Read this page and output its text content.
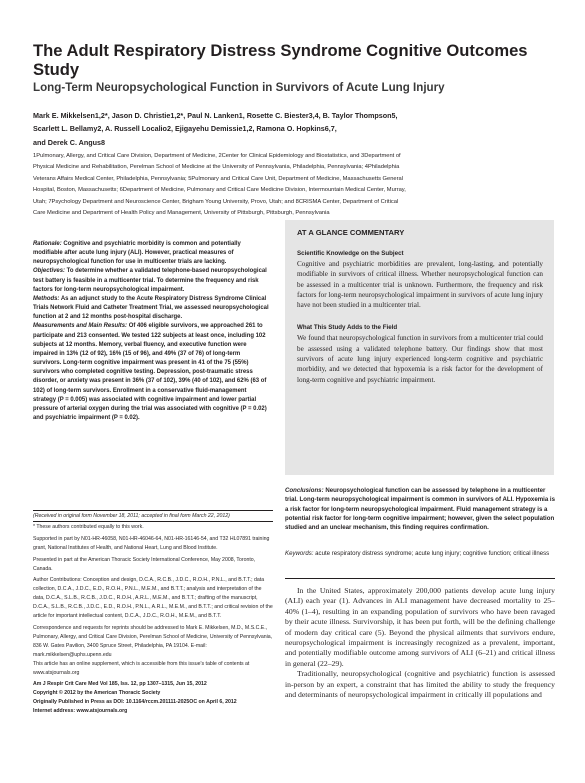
The Adult Respiratory Distress Syndrome Cognitive Outcomes Study
Long-Term Neuropsychological Function in Survivors of Acute Lung Injury
Mark E. Mikkelsen1,2*, Jason D. Christie1,2*, Paul N. Lanken1, Rosette C. Biester3,4, B. Taylor Thompson5,
Scarlett L. Bellamy2, A. Russell Localio2, Ejigayehu Demissie1,2, Ramona O. Hopkins6,7,
and Derek C. Angus8
1Pulmonary, Allergy, and Critical Care Division, Department of Medicine, 2Center for Clinical Epidemiology and Biostatistics, and 3Department of
Physical Medicine and Rehabilitation, Perelman School of Medicine at the University of Pennsylvania, Philadelphia, Pennsylvania; 4Philadelphia
Veterans Affairs Medical Center, Philadelphia, Pennsylvania; 5Pulmonary and Critical Care Unit, Department of Medicine, Massachusetts General
Hospital, Boston, Massachusetts; 6Department of Medicine, Pulmonary and Critical Care Medicine Division, Intermountain Medical Center, Murray,
Utah; 7Psychology Department and Neuroscience Center, Brigham Young University, Provo, Utah; and 8CRISMA Center, Department of Critical
Care Medicine and Department of Health Policy and Management, University of Pittsburgh, Pittsburgh, Pennsylvania

Rationale: Cognitive and psychiatric morbidity is common and potentially modifiable after acute lung injury (ALI). However, practical measures of neuropsychological function for use in multicenter trials are lacking.

Objectives: To determine whether a validated telephone-based neuropsychological test battery is feasible in a multicenter trial. To determine the frequency and risk factors for long-term neuropsychological impairment.

Methods: As an adjunct study to the Acute Respiratory Distress Syndrome Clinical Trials Network Fluid and Catheter Treatment Trial, we assessed neuropsychological function at 2 and 12 months post-hospital discharge.

Measurements and Main Results: Of 406 eligible survivors, we approached 261 to participate and 213 consented. We tested 122 subjects at least once, including 102 subjects at 12 months. Memory, verbal fluency, and executive function were impaired in 13% (12 of 92), 16% (15 of 96), and 49% (37 of 76) of long-term survivors. Long-term cognitive impairment was present in 41 of the 75 (55%) survivors who completed cognitive testing. Depression, post-traumatic stress disorder, or anxiety was present in 36% (37 of 102), 39% (40 of 102), and 62% (63 of 102) of long-term survivors. Enrollment in a conservative fluid-management strategy (P = 0.005) was associated with cognitive impairment and lower partial pressure of arterial oxygen during the trial was associated with cognitive (P = 0.02) and psychiatric impairment (P = 0.02).

(Received in original form November 18, 2011; accepted in final form March 22, 2012)

* These authors contributed equally to this work.

Supported in part by N01-HR-46058, N01-HR-46046-64, N01-HR-16146-54, and T32 HL07891 training grant, National Institutes of Health, and National Heart, Lung and Blood Institute.

Presented in part at the American Thoracic Society International Conference, May 2008, Toronto, Canada.

Author Contributions: Conception and design, D.C.A., R.C.B., J.D.C., R.O.H., P.N.L., and B.T.T.; data collection, D.C.A., J.D.C., E.D., R.O.H., P.N.L., M.E.M., and B.T.T.; analysis and interpretation of the data, D.C.A., S.L.B., R.C.B., J.D.C., R.O.H., A.R.L., M.E.M., and B.T.T.; drafting of the manuscript, D.C.A., S.L.B., R.C.B., J.D.C., E.D., R.O.H., P.N.L., A.R.L., M.E.M., and B.T.T.; and critical revision of the article for important intellectual content, D.C.A., J.D.C., R.O.H., M.E.M., and B.T.T.

Correspondence and requests for reprints should be addressed to Mark E. Mikkelsen, M.D., M.S.C.E., Pulmonary, Allergy, and Critical Care Division, Perelman School of Medicine, University of Pennsylvania, 836 W. Gates Pavilion, 3400 Spruce Street, Philadelphia, PA 19104. E-mail: mark.mikkelsen@uphs.upenn.edu

This article has an online supplement, which is accessible from this issue's table of contents at www.atsjournals.org

Am J Respir Crit Care Med Vol 185, Iss. 12, pp 1307–1315, Jun 15, 2012

Copyright © 2012 by the American Thoracic Society

Originally Published in Press as DOI: 10.1164/rccm.201111-2025OC on April 6, 2012

Internet address: www.atsjournals.org

AT A GLANCE COMMENTARY
Scientific Knowledge on the Subject

Cognitive and psychiatric morbidities are prevalent, long-lasting, and potentially modifiable in survivors of critical illness. Whether neuropsychological function can be assessed in a multicenter trial is unknown. Furthermore, the frequency and risk factors for long-term neuropsychological impairment in survivors of acute lung injury have not been studied in a multicenter trial.

What This Study Adds to the Field

We found that neuropsychological function in survivors from a multicenter trial could be assessed using a validated telephone battery. Our findings show that most survivors of acute lung injury experienced long-term cognitive and psychiatric morbidity, and we detected that hypoxemia is a risk factor for the development of long-term cognitive and psychiatric impairment.

Conclusions: Neuropsychological function can be assessed by telephone in a multicenter trial. Long-term neuropsychological impairment is common in survivors of ALI. Hypoxemia is a risk factor for long-term neuropsychological impairment. Fluid management strategy is a potential risk factor for long-term cognitive impairment; however, given the select population studied and an unclear mechanism, this finding requires confirmation.

Keywords: acute respiratory distress syndrome; acute lung injury; cognitive function; critical illness

In the United States, approximately 200,000 patients develop acute lung injury (ALI) each year (1). Advances in ALI management have decreased mortality to 25–40% (1–4), resulting in an expanding population of survivors who have been ravaged by their acute illness. Survivorship, it has been put forth, will be the defining challenge of modern day critical care (5). Beyond the physical ailments that survivors endure, neuropsychological impairment is increasingly recognized as a prevalent, important, and potentially modifiable outcome among survivors of ALI (6–21) and critical illness in general (22–29).

Traditionally, neuropsychological (cognitive and psychiatric) function is assessed in-person by an expert, a constraint that has limited the ability to study the frequency and determinants of neuropsychological impairment in critically ill populations and
